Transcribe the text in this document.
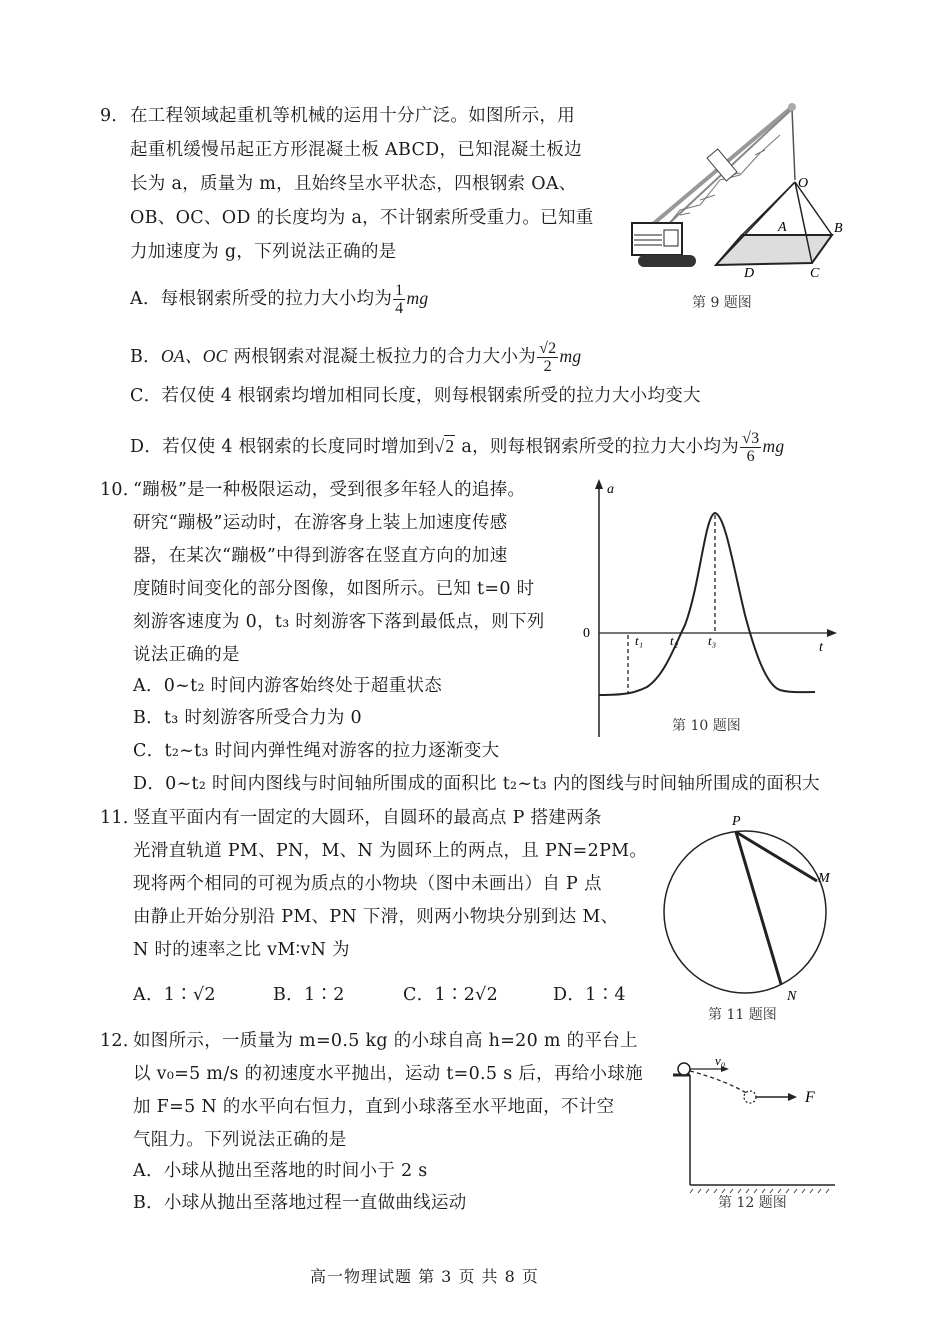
9． 在工程领域起重机等机械的运用十分广泛。如图所示，用
起重机缓慢吊起正方形混凝土板 ABCD，已知混凝土板边
长为 a，质量为 m，且始终呈水平状态，四根钢索 OA、
OB、OC、OD 的长度均为 a，不计钢索所受重力。已知重
力加速度为 g，下列说法正确的是
A．每根钢索所受的拉力大小均为 $\frac{1}{4}$ mg
B．OA、OC 两根钢索对混凝土板拉力的合力大小为 $\frac{√2}{2}$ mg
C．若仅使 4 根钢索均增加相同长度，则每根钢索所受的拉力大小均变大
D．若仅使 4 根钢索的长度同时增加到√2 a，则每根钢索所受的拉力大小均为 $\frac{√3}{6}$ mg
O
A	B
C
D
第 9 题图
10．
“蹦极”是一种极限运动，受到很多年轻人的追捧。
研究“蹦极”运动时，在游客身上装上加速度传感
器，在某次“蹦极”中得到游客在竖直方向的加速
度随时间变化的部分图像，如图所示。已知 t=0 时
刻游客速度为 0，t₃ 时刻游客下落到最低点，则下列
说法正确的是
A．0~t₂ 时间内游客始终处于超重状态
B．t₃ 时刻游客所受合力为 0
C．t₂~t₃ 时间内弹性绳对游客的拉力逐渐变大
D．0~t₂ 时间内图线与时间轴所围成的面积比 t₂~t₃ 内的图线与时间轴所围成的面积大
a
t
0	t₁ t₂ t₃
第 10 题图
11．
竖直平面内有一固定的大圆环，自圆环的最高点 P 搭建两条
光滑直轨道 PM、PN，M、N 为圆环上的两点，且 PN=2PM。
现将两个相同的可视为质点的小物块（图中未画出）自 P 点
由静止开始分别沿 PM、PN 下滑，则两小物块分别到达 M、
N 时的速率之比 vM∶vN 为
A．1∶√2	B．1∶2	C．1∶2√2	D．1∶4
P
M
N
第 11 题图
12．
如图所示，一质量为 m=0.5 kg 的小球自高 h=20 m 的平台上
以 v₀=5 m/s 的初速度水平抛出，运动 t=0.5 s 后，再给小球施
加 F=5 N 的水平向右恒力，直到小球落至水平地面，不计空
气阻力。下列说法正确的是
A．小球从抛出至落地的时间小于 2 s
B．小球从抛出至落地过程一直做曲线运动
v₀
F
第 12 题图
高一物理试题 第 3 页 共 8 页
